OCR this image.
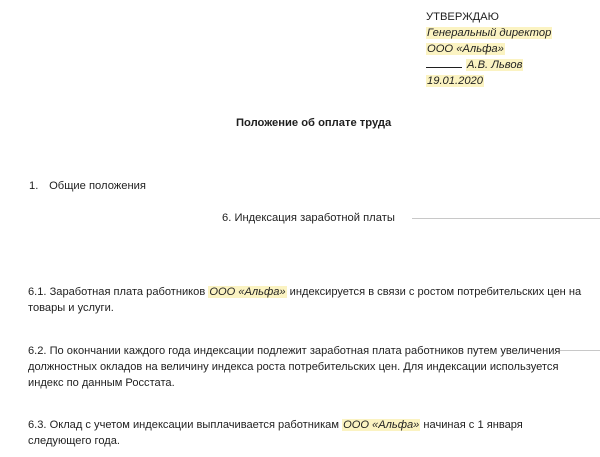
УТВЕРЖДАЮ
Генеральный директор
ООО «Альфа»
А.В. Львов
19.01.2020
Положение об оплате труда
1. Общие положения
6. Индексация заработной платы
6.1. Заработная плата работников ООО «Альфа» индексируется в связи с ростом потребительских цен на товары и услуги.
6.2. По окончании каждого года индексации подлежит заработная плата работников путем увеличения должностных окладов на величину индекса роста потребительских цен. Для индексации используется индекс по данным Росстата.
6.3. Оклад с учетом индексации выплачивается работникам ООО «Альфа» начиная с 1 января следующего года.
